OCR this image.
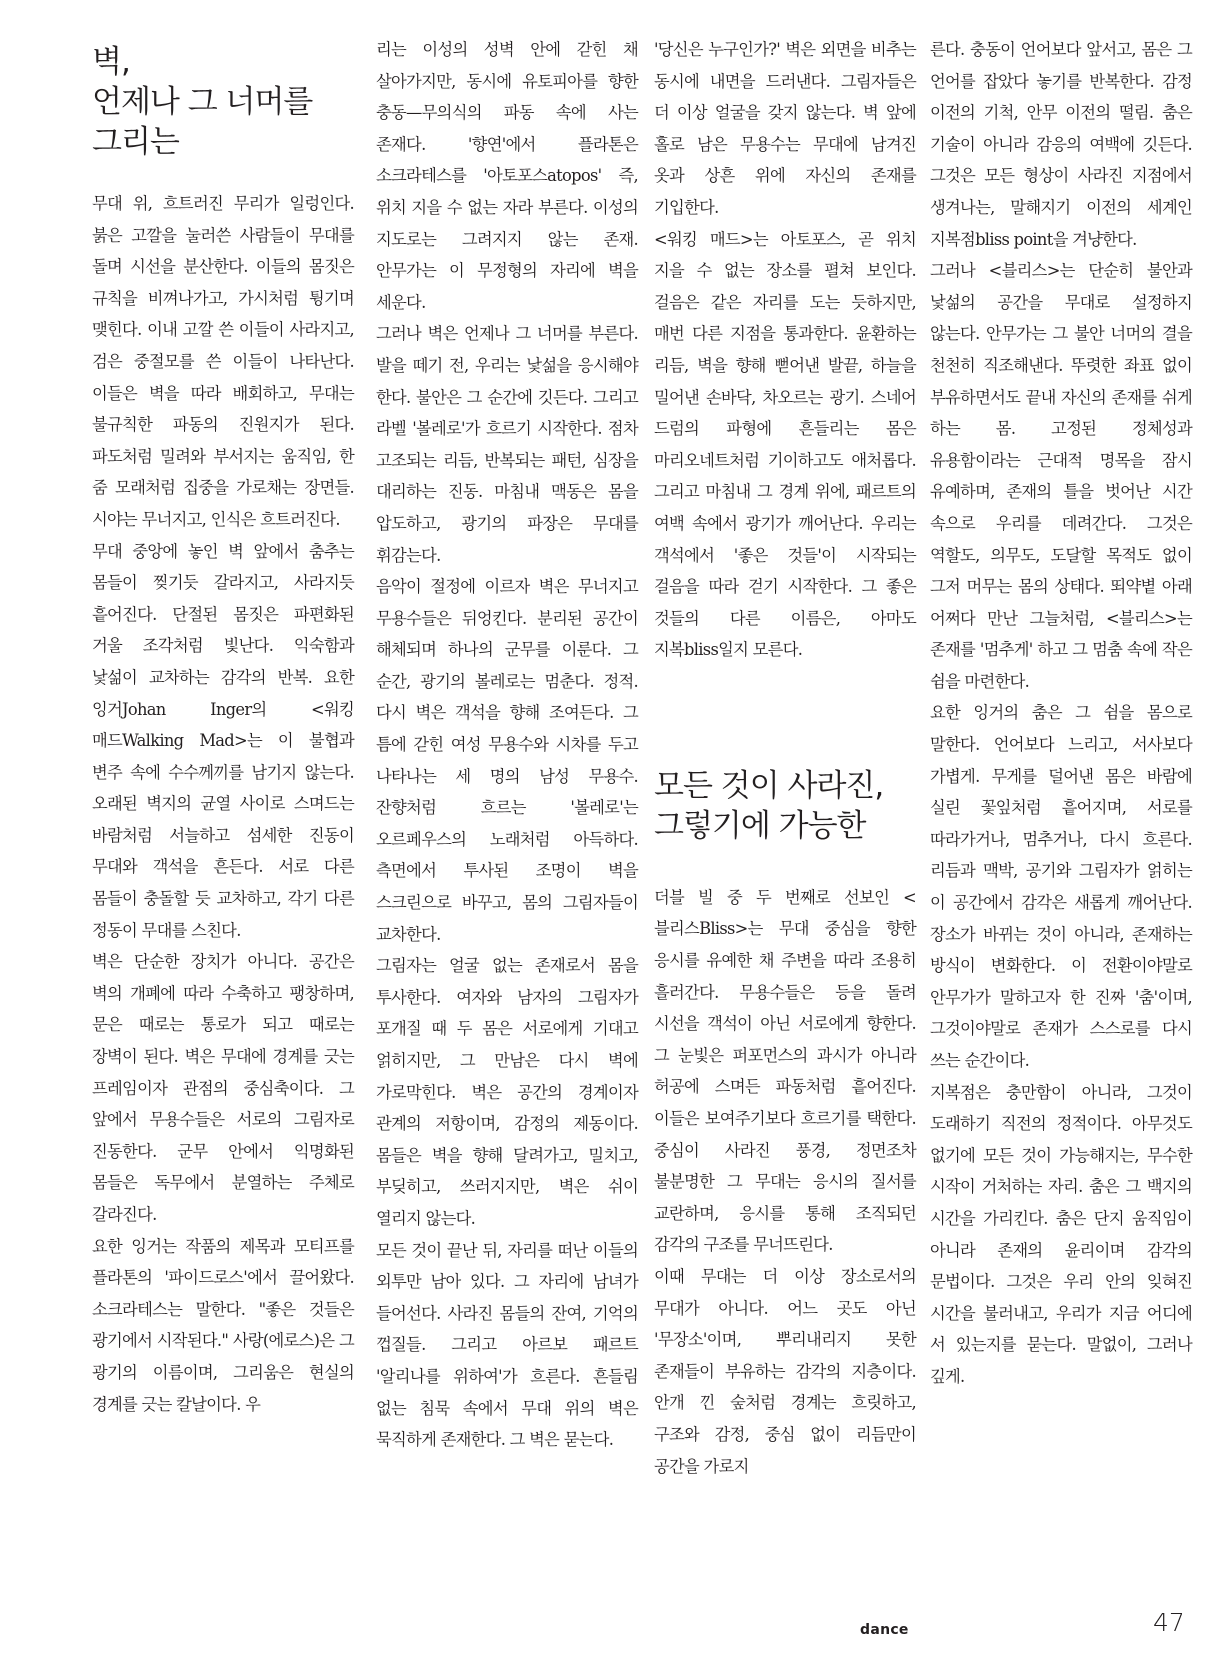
벽,
언제나 그 너머를
그리는

무대 위, 흐트러진 무리가 일렁인다. 붉은 고깔을 눌러쓴 사람들이 무대를 돌며 시선을 분산한다. 이들의 몸짓은 규칙을 비껴나가고, 가시처럼 튕기며 맺힌다. 이내 고깔 쓴 이들이 사라지고, 검은 중절모를 쓴 이들이 나타난다. 이들은 벽을 따라 배회하고, 무대는 불규칙한 파동의 진원지가 된다. 파도처럼 밀려와 부서지는 움직임, 한 줌 모래처럼 집중을 가로채는 장면들. 시야는 무너지고, 인식은 흐트러진다.

무대 중앙에 놓인 벽 앞에서 춤추는 몸들이 찢기듯 갈라지고, 사라지듯 흩어진다. 단절된 몸짓은 파편화된 거울 조각처럼 빛난다. 익숙함과 낯섦이 교차하는 감각의 반복. 요한 잉거Johan Inger의 <워킹 매드Walking Mad>는 이 불협과 변주 속에 수수께끼를 남기지 않는다. 오래된 벽지의 균열 사이로 스며드는 바람처럼 서늘하고 섬세한 진동이 무대와 객석을 흔든다. 서로 다른 몸들이 충돌할 듯 교차하고, 각기 다른 정동이 무대를 스친다.

벽은 단순한 장치가 아니다. 공간은 벽의 개폐에 따라 수축하고 팽창하며, 문은 때로는 통로가 되고 때로는 장벽이 된다. 벽은 무대에 경계를 긋는 프레임이자 관점의 중심축이다. 그 앞에서 무용수들은 서로의 그림자로 진동한다. 군무 안에서 익명화된 몸들은 독무에서 분열하는 주체로 갈라진다.

요한 잉거는 작품의 제목과 모티프를 플라톤의 '파이드로스'에서 끌어왔다. 소크라테스는 말한다. "좋은 것들은 광기에서 시작된다." 사랑(에로스)은 그 광기의 이름이며, 그리움은 현실의 경계를 긋는 칼날이다. 우

리는 이성의 성벽 안에 갇힌 채 살아가지만, 동시에 유토피아를 향한 충동—무의식의 파동 속에 사는 존재다. '향연'에서 플라톤은 소크라테스를 '아토포스atopos' 즉, 위치 지을 수 없는 자라 부른다. 이성의 지도로는 그려지지 않는 존재. 안무가는 이 무정형의 자리에 벽을 세운다.

그러나 벽은 언제나 그 너머를 부른다. 발을 떼기 전, 우리는 낯섦을 응시해야 한다. 불안은 그 순간에 깃든다. 그리고 라벨 '볼레로'가 흐르기 시작한다. 점차 고조되는 리듬, 반복되는 패턴, 심장을 대리하는 진동. 마침내 맥동은 몸을 압도하고, 광기의 파장은 무대를 휘감는다.

음악이 절정에 이르자 벽은 무너지고 무용수들은 뒤엉킨다. 분리된 공간이 해체되며 하나의 군무를 이룬다. 그 순간, 광기의 볼레로는 멈춘다. 정적. 다시 벽은 객석을 향해 조여든다. 그 틈에 갇힌 여성 무용수와 시차를 두고 나타나는 세 명의 남성 무용수. 잔향처럼 흐르는 '볼레로'는 오르페우스의 노래처럼 아득하다. 측면에서 투사된 조명이 벽을 스크린으로 바꾸고, 몸의 그림자들이 교차한다.

그림자는 얼굴 없는 존재로서 몸을 투사한다. 여자와 남자의 그림자가 포개질 때 두 몸은 서로에게 기대고 얽히지만, 그 만남은 다시 벽에 가로막힌다. 벽은 공간의 경계이자 관계의 저항이며, 감정의 제동이다. 몸들은 벽을 향해 달려가고, 밀치고, 부딪히고, 쓰러지지만, 벽은 쉬이 열리지 않는다.

모든 것이 끝난 뒤, 자리를 떠난 이들의 외투만 남아 있다. 그 자리에 남녀가 들어선다. 사라진 몸들의 잔여, 기억의 껍질들. 그리고 아르보 패르트 '알리나를 위하여'가 흐른다. 흔들림 없는 침묵 속에서 무대 위의 벽은 묵직하게 존재한다. 그 벽은 묻는다.

'당신은 누구인가?' 벽은 외면을 비추는 동시에 내면을 드러낸다. 그림자들은 더 이상 얼굴을 갖지 않는다. 벽 앞에 홀로 남은 무용수는 무대에 남겨진 옷과 상흔 위에 자신의 존재를 기입한다.

<워킹 매드>는 아토포스, 곧 위치 지을 수 없는 장소를 펼쳐 보인다. 걸음은 같은 자리를 도는 듯하지만, 매번 다른 지점을 통과한다. 윤환하는 리듬, 벽을 향해 뻗어낸 발끝, 하늘을 밀어낸 손바닥, 차오르는 광기. 스네어 드럼의 파형에 흔들리는 몸은 마리오네트처럼 기이하고도 애처롭다. 그리고 마침내 그 경계 위에, 패르트의 여백 속에서 광기가 깨어난다. 우리는 객석에서 '좋은 것들'이 시작되는 걸음을 따라 걷기 시작한다. 그 좋은 것들의 다른 이름은, 아마도 지복bliss일지 모른다.

모든 것이 사라진,
그렇기에 가능한

더블 빌 중 두 번째로 선보인 <블리스Bliss>는 무대 중심을 향한 응시를 유예한 채 주변을 따라 조용히 흘러간다. 무용수들은 등을 돌려 시선을 객석이 아닌 서로에게 향한다. 그 눈빛은 퍼포먼스의 과시가 아니라 허공에 스며든 파동처럼 흩어진다. 이들은 보여주기보다 흐르기를 택한다. 중심이 사라진 풍경, 정면조차 불분명한 그 무대는 응시의 질서를 교란하며, 응시를 통해 조직되던 감각의 구조를 무너뜨린다.

이때 무대는 더 이상 장소로서의 무대가 아니다. 어느 곳도 아닌 '무장소'이며, 뿌리내리지 못한 존재들이 부유하는 감각의 지층이다. 안개 낀 숲처럼 경계는 흐릿하고, 구조와 감정, 중심 없이 리듬만이 공간을 가로지

른다. 충동이 언어보다 앞서고, 몸은 그 언어를 잡았다 놓기를 반복한다. 감정 이전의 기척, 안무 이전의 떨림. 춤은 기술이 아니라 감응의 여백에 깃든다. 그것은 모든 형상이 사라진 지점에서 생겨나는, 말해지기 이전의 세계인 지복점bliss point을 겨냥한다.

그러나 <블리스>는 단순히 불안과 낯섦의 공간을 무대로 설정하지 않는다. 안무가는 그 불안 너머의 결을 천천히 직조해낸다. 뚜렷한 좌표 없이 부유하면서도 끝내 자신의 존재를 쉬게 하는 몸. 고정된 정체성과 유용함이라는 근대적 명목을 잠시 유예하며, 존재의 틀을 벗어난 시간 속으로 우리를 데려간다. 그것은 역할도, 의무도, 도달할 목적도 없이 그저 머무는 몸의 상태다. 뙤약볕 아래 어쩌다 만난 그늘처럼, <블리스>는 존재를 '멈추게' 하고 그 멈춤 속에 작은 쉼을 마련한다.

요한 잉거의 춤은 그 쉼을 몸으로 말한다. 언어보다 느리고, 서사보다 가볍게. 무게를 덜어낸 몸은 바람에 실린 꽃잎처럼 흩어지며, 서로를 따라가거나, 멈추거나, 다시 흐른다. 리듬과 맥박, 공기와 그림자가 얽히는 이 공간에서 감각은 새롭게 깨어난다. 장소가 바뀌는 것이 아니라, 존재하는 방식이 변화한다. 이 전환이야말로 안무가가 말하고자 한 진짜 '춤'이며, 그것이야말로 존재가 스스로를 다시 쓰는 순간이다.

지복점은 충만함이 아니라, 그것이 도래하기 직전의 정적이다. 아무것도 없기에 모든 것이 가능해지는, 무수한 시작이 거처하는 자리. 춤은 그 백지의 시간을 가리킨다. 춤은 단지 움직임이 아니라 존재의 윤리이며 감각의 문법이다. 그것은 우리 안의 잊혀진 시간을 불러내고, 우리가 지금 어디에 서 있는지를 묻는다. 말없이, 그러나 깊게.

dance	47
